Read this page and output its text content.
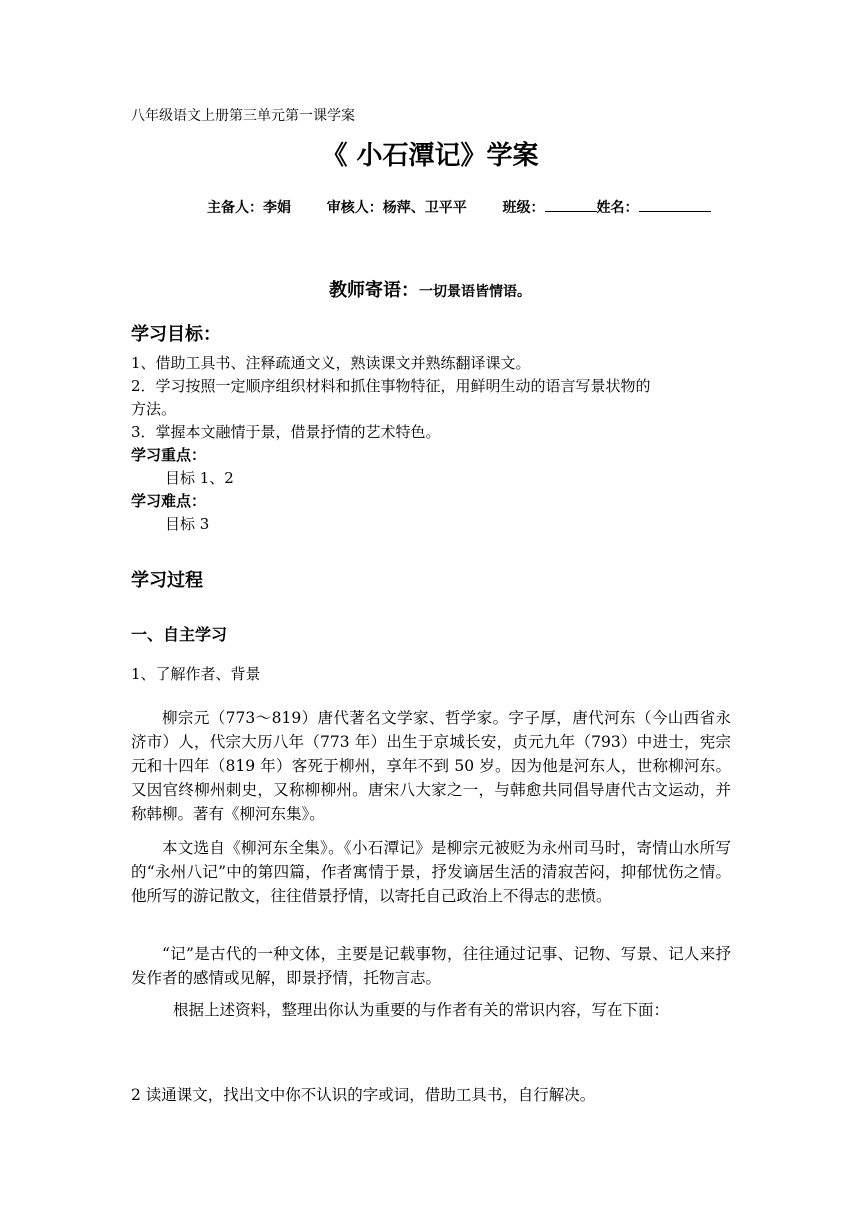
八年级语文上册第三单元第一课学案
《 小石潭记》学案
主备人：李娟	审核人：杨萍、卫平平	班级：	姓名：
教师寄语：一切景语皆情语。
学习目标：
1、借助工具书、注释疏通文义，熟读课文并熟练翻译课文。
2．学习按照一定顺序组织材料和抓住事物特征，用鲜明生动的语言写景状物的
方法。
3．掌握本文融情于景，借景抒情的艺术特色。
学习重点：
目标 1、2
学习难点：
目标 3
学习过程
一、自主学习
1、了解作者、背景
柳宗元（773～819）唐代著名文学家、哲学家。字子厚，唐代河东（今山西省永济市）人，代宗大历八年（773 年）出生于京城长安，贞元九年（793）中进士，宪宗元和十四年（819 年）客死于柳州，享年不到 50 岁。因为他是河东人，世称柳河东。又因官终柳州刺史，又称柳柳州。唐宋八大家之一，与韩愈共同倡导唐代古文运动，并称韩柳。著有《柳河东集》。
本文选自《柳河东全集》。《小石潭记》是柳宗元被贬为永州司马时，寄情山水所写的“永州八记”中的第四篇，作者寓情于景，抒发谪居生活的清寂苦闷，抑郁忧伤之情。他所写的游记散文，往往借景抒情，以寄托自己政治上不得志的悲愤。
“记”是古代的一种文体，主要是记载事物，往往通过记事、记物、写景、记人来抒发作者的感情或见解，即景抒情，托物言志。
根据上述资料，整理出你认为重要的与作者有关的常识内容，写在下面：
2 读通课文，找出文中你不认识的字或词，借助工具书，自行解决。
